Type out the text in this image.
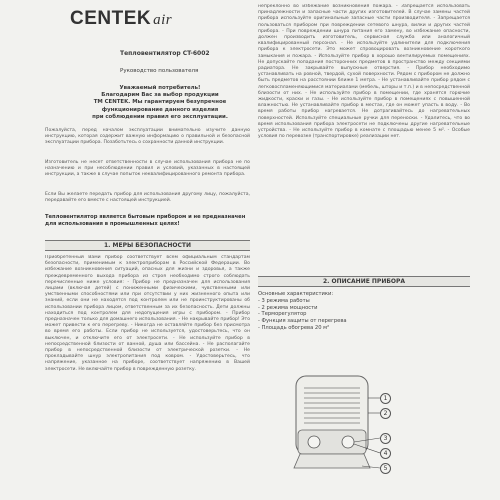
CENTEK air
Тепловентилятор CT-6002
Руководство пользователя
Уважаемый потребитель!
Благодарим Вас за выбор продукции
ТМ CENTEK. Мы гарантируем безупречное
функционирование данного изделия
при соблюдении правил его эксплуатации.
Пожалуйста, перед началом эксплуатации внимательно изучите данную инструкцию, которая содержит важную информацию о правильной и безопасной эксплуатации прибора. Позаботьтесь о сохранности данной инструкции.
Изготовитель не несет ответственности в случае использования прибора не по назначению и при несоблюдении правил и условий, указанных в настоящей инструкции, а также в случае попыток неквалифицированного ремонта прибора.
Если Вы желаете передать прибор для использования другому лицу, пожалуйста, передавайте его вместе с настоящей инструкцией.
Тепловентилятор является бытовым прибором и не предназначен для использования в промышленных целях!
1. МЕРЫ БЕЗОПАСНОСТИ
Приобретенный Вами прибор соответствует всем официальным стандартам безопасности, применимым к электроприборам в Российской Федерации. Во избежание возникновения ситуаций, опасных для жизни и здоровья, а также преждевременного выхода прибора из строя необходимо строго соблюдать перечисленные ниже условия: - Прибор не предназначен для использования лицами (включая детей) с пониженными физическими, чувственными или умственными способностями или при отсутствии у них жизненного опыта или знаний, если они не находятся под контролем или не проинструктированы об использовании прибора лицом, ответственным за их безопасность. Дети должны находиться под контролем для недопущения игры с прибором. - Прибор предназначен только для домашнего использования. - Не накрывайте прибор! Это может привести к его перегреву. - Никогда не оставляйте прибор без присмотра во время его работы. Если прибор не используется, удостоверьтесь, что он выключен, и отключите его от электросети. - Не используйте прибор в непосредственной близости от ванной, душа или бассейна. - Не располагайте прибор в непосредственной близости от электрической розетки. - Не прокладывайте шнур электропитания под ковром. - Удостоверьтесь, что напряжение, указанное на приборе, соответствует напряжению в Вашей электросети. Не включайте прибор в поврежденную розетку.
непреклонно во избежание возникновения пожара. - Запрещается использовать принадлежности и запасные части других изготовителей. В случае замены частей прибора используйте оригинальные запасные части производителя. - Запрещается пользоваться прибором при повреждении сетевого шнура, вилки и других частей прибора. - При повреждении шнура питания его замену, во избежание опасности, должен производить изготовитель, сервисная служба или аналогичный квалифицированный персонал. - Не используйте удлинители для подключения прибора к электросети. Это может спровоцировать возникновение короткого замыкания и пожара. - Используйте прибор в хорошо вентилируемых помещениях. Не допускайте попадания посторонних предметов в пространство между секциями радиатора. Не закрывайте выпускные отверстия. - Прибор необходимо устанавливать на ровной, твердой, сухой поверхности. Рядом с прибором не должно быть предметов на расстоянии ближе 1 метра. - Не устанавливайте прибор рядом с легковоспламеняющимися материалами (мебель, шторы и т.п.) и в непосредственной близости от них. - Не используйте прибор в помещении, где хранятся горючие жидкости, краски и газы. - Не используйте прибор в помещениях с повышенной влажностью. Не устанавливайте прибор в местах, где он может упасть в воду. - Во время работы прибор нагревается. Не дотрагивайтесь до нагревательных поверхностей. Используйте специальные ручки для переноски. - Удалитесь, что во время использования прибора электросети не подключены другие нагревательные устройства. - Не используйте прибор в комнате с площадью менее 5 м². - Особые условия по перевозке (транспортировке) реализации нет.
2. ОПИСАНИЕ ПРИБОРА
Основные характеристики:
- 3 режима работы
- 2 режима мощности
- Терморегулятор
- Функция защиты от перегрева
- Площадь обогрева 20 м²
1
2
3
4
5
